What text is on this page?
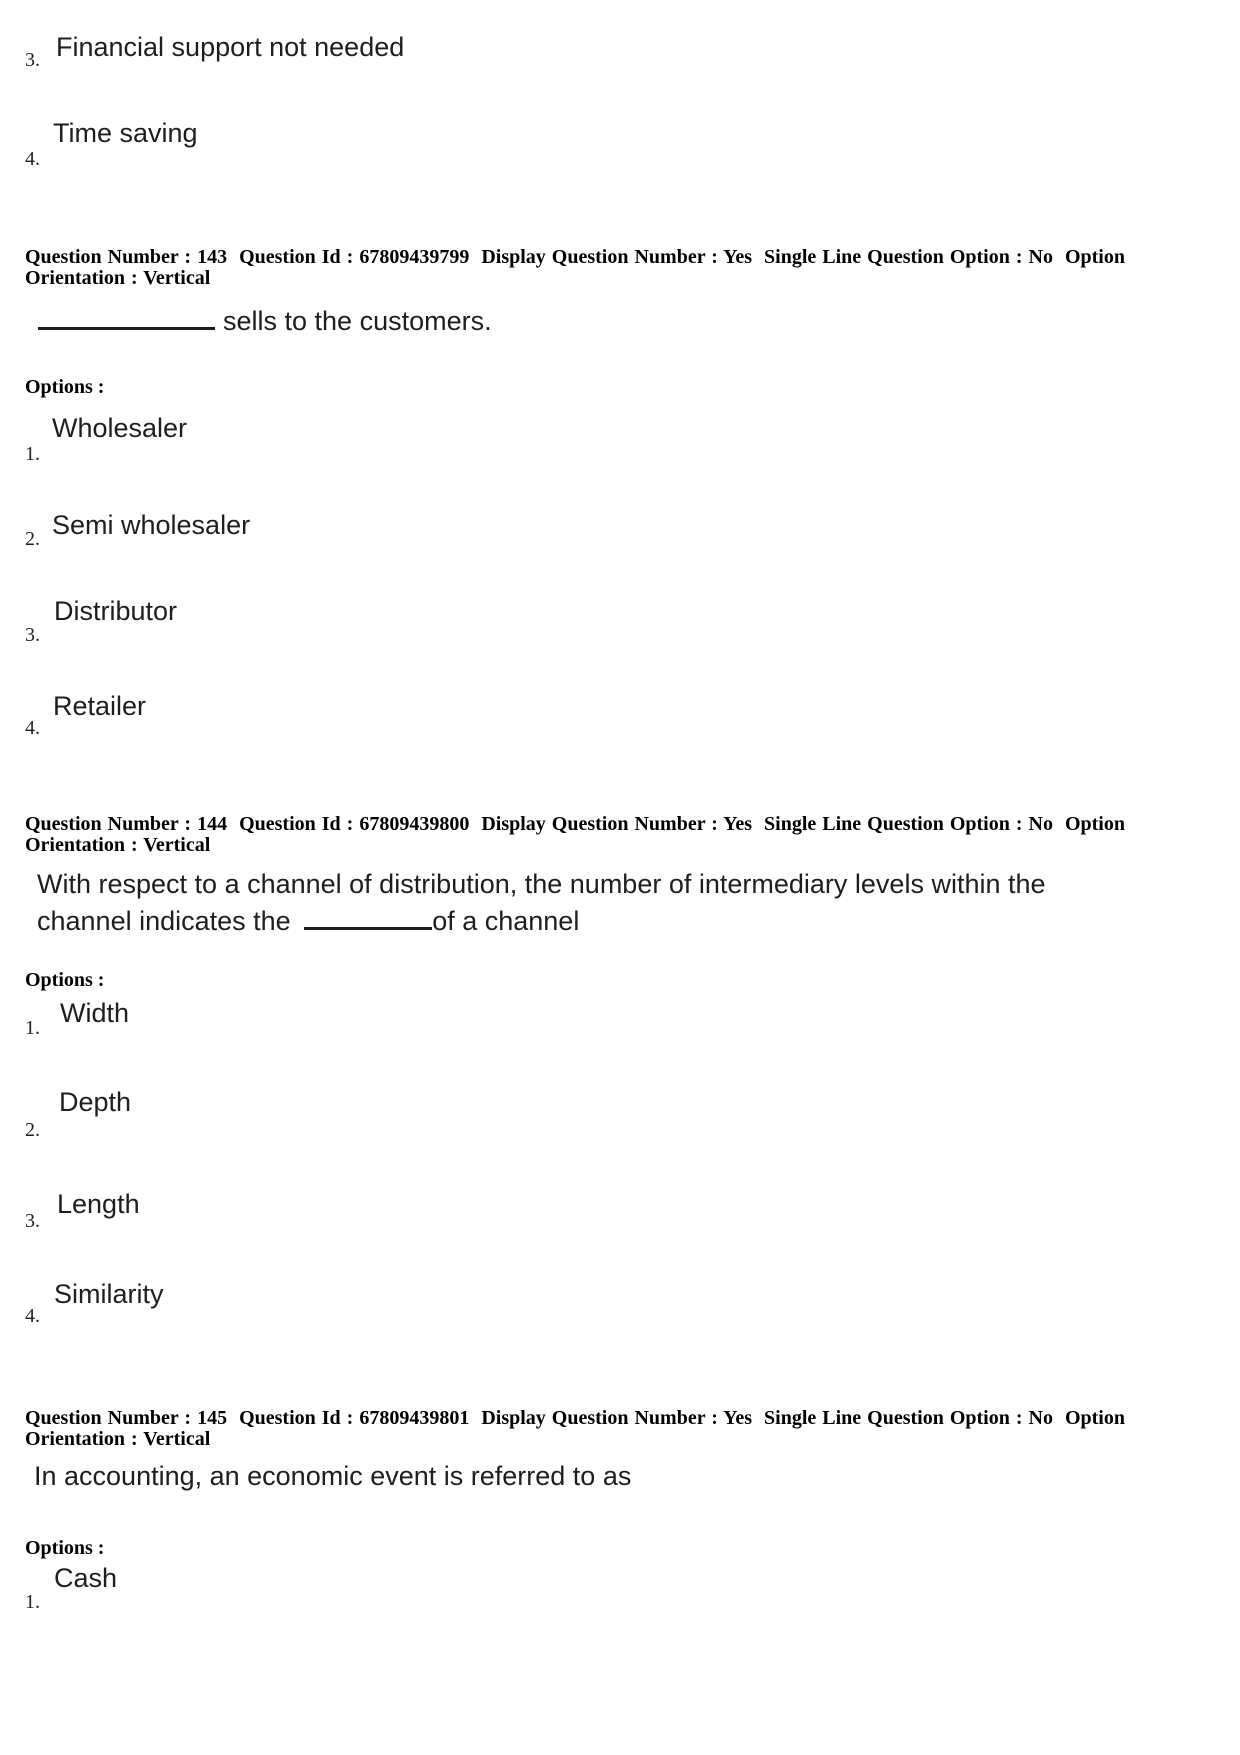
3. Financial support not needed
4.
Time saving
Question Number : 143  Question Id : 67809439799  Display Question Number : Yes  Single Line Question Option : No  Option
Orientation : Vertical
sells to the customers.
Options :
1.
Wholesaler
2. Semi wholesaler
3.
Distributor
4.
Retailer
Question Number : 144  Question Id : 67809439800  Display Question Number : Yes  Single Line Question Option : No  Option
Orientation : Vertical
With respect to a channel of distribution, the number of intermediary levels within the
channel indicates the	of a channel
Options :
1. Width
2.
Depth
3.
Length
4.
Similarity
Question Number : 145  Question Id : 67809439801  Display Question Number : Yes  Single Line Question Option : No  Option
Orientation : Vertical
In accounting, an economic event is referred to as
Options :
1.
Cash
